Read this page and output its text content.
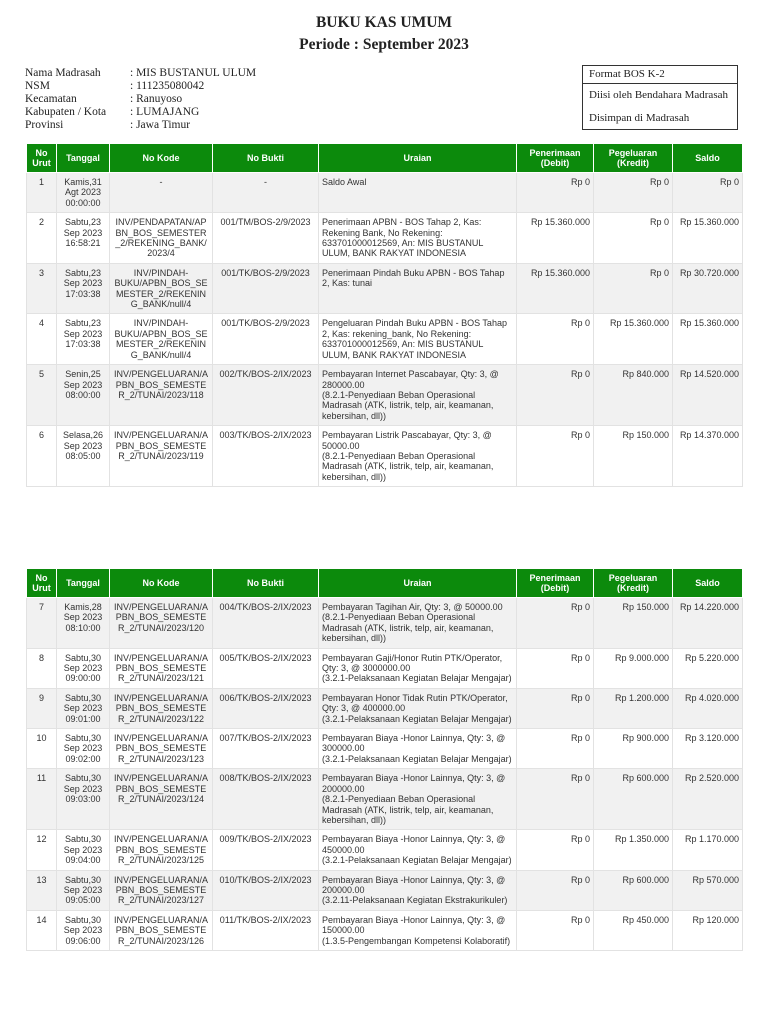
BUKU KAS UMUM
Periode : September 2023
Nama Madrasah	: MIS BUSTANUL ULUM
NSM	: 111235080042
Kecamatan	: Ranuyoso
Kabupaten / Kota	: LUMAJANG
Provinsi	: Jawa Timur
Format BOS K-2
Diisi oleh Bendahara Madrasah
Disimpan di Madrasah
No Urut	Tanggal	No Kode	No Bukti	Uraian	Penerimaan (Debit)	Pegeluaran (Kredit)	Saldo
1	Kamis,31 Agt 2023 00:00:00	-	-	Saldo Awal	Rp 0	Rp 0	Rp 0
2	Sabtu,23 Sep 2023 16:58:21	INV/PENDAPATAN/APBN_BOS_SEMESTER_2/REKENING_BANK/2023/4	001/TM/BOS-2/9/2023	Penerimaan APBN - BOS Tahap 2, Kas: Rekening Bank, No Rekening: 633701000012569, An: MIS BUSTANUL ULUM, BANK RAKYAT INDONESIA	Rp 15.360.000	Rp 0	Rp 15.360.000
3	Sabtu,23 Sep 2023 17:03:38	INV/PINDAH-BUKU/APBN_BOS_SEMESTER_2/REKENING_BANK/null/4	001/TK/BOS-2/9/2023	Penerimaan Pindah Buku APBN - BOS Tahap 2, Kas: tunai	Rp 15.360.000	Rp 0	Rp 30.720.000
4	Sabtu,23 Sep 2023 17:03:38	INV/PINDAH-BUKU/APBN_BOS_SEMESTER_2/REKENING_BANK/null/4	001/TK/BOS-2/9/2023	Pengeluaran Pindah Buku APBN - BOS Tahap 2, Kas: rekening_bank, No Rekening: 633701000012569, An: MIS BUSTANUL ULUM, BANK RAKYAT INDONESIA	Rp 0	Rp 15.360.000	Rp 15.360.000
5	Senin,25 Sep 2023 08:00:00	INV/PENGELUARAN/APBN_BOS_SEMESTER_2/TUNAI/2023/118	002/TK/BOS-2/IX/2023	Pembayaran Internet Pascabayar, Qty: 3, @ 280000.00
(8.2.1-Penyediaan Beban Operasional Madrasah (ATK, listrik, telp, air, keamanan, kebersihan, dll))	Rp 0	Rp 840.000	Rp 14.520.000
6	Selasa,26 Sep 2023 08:05:00	INV/PENGELUARAN/APBN_BOS_SEMESTER_2/TUNAI/2023/119	003/TK/BOS-2/IX/2023	Pembayaran Listrik Pascabayar, Qty: 3, @ 50000.00
(8.2.1-Penyediaan Beban Operasional Madrasah (ATK, listrik, telp, air, keamanan, kebersihan, dll))	Rp 0	Rp 150.000	Rp 14.370.000
No Urut	Tanggal	No Kode	No Bukti	Uraian	Penerimaan (Debit)	Pegeluaran (Kredit)	Saldo
7	Kamis,28 Sep 2023 08:10:00	INV/PENGELUARAN/APBN_BOS_SEMESTER_2/TUNAI/2023/120	004/TK/BOS-2/IX/2023	Pembayaran Tagihan Air, Qty: 3, @ 50000.00
(8.2.1-Penyediaan Beban Operasional Madrasah (ATK, listrik, telp, air, keamanan, kebersihan, dll))	Rp 0	Rp 150.000	Rp 14.220.000
8	Sabtu,30 Sep 2023 09:00:00	INV/PENGELUARAN/APBN_BOS_SEMESTER_2/TUNAI/2023/121	005/TK/BOS-2/IX/2023	Pembayaran Gaji/Honor Rutin PTK/Operator, Qty: 3, @ 3000000.00
(3.2.1-Pelaksanaan Kegiatan Belajar Mengajar)	Rp 0	Rp 9.000.000	Rp 5.220.000
9	Sabtu,30 Sep 2023 09:01:00	INV/PENGELUARAN/APBN_BOS_SEMESTER_2/TUNAI/2023/122	006/TK/BOS-2/IX/2023	Pembayaran Honor Tidak Rutin PTK/Operator, Qty: 3, @ 400000.00
(3.2.1-Pelaksanaan Kegiatan Belajar Mengajar)	Rp 0	Rp 1.200.000	Rp 4.020.000
10	Sabtu,30 Sep 2023 09:02:00	INV/PENGELUARAN/APBN_BOS_SEMESTER_2/TUNAI/2023/123	007/TK/BOS-2/IX/2023	Pembayaran Biaya -Honor Lainnya, Qty: 3, @ 300000.00
(3.2.1-Pelaksanaan Kegiatan Belajar Mengajar)	Rp 0	Rp 900.000	Rp 3.120.000
11	Sabtu,30 Sep 2023 09:03:00	INV/PENGELUARAN/APBN_BOS_SEMESTER_2/TUNAI/2023/124	008/TK/BOS-2/IX/2023	Pembayaran Biaya -Honor Lainnya, Qty: 3, @ 200000.00
(8.2.1-Penyediaan Beban Operasional Madrasah (ATK, listrik, telp, air, keamanan, kebersihan, dll))	Rp 0	Rp 600.000	Rp 2.520.000
12	Sabtu,30 Sep 2023 09:04:00	INV/PENGELUARAN/APBN_BOS_SEMESTER_2/TUNAI/2023/125	009/TK/BOS-2/IX/2023	Pembayaran Biaya -Honor Lainnya, Qty: 3, @ 450000.00
(3.2.1-Pelaksanaan Kegiatan Belajar Mengajar)	Rp 0	Rp 1.350.000	Rp 1.170.000
13	Sabtu,30 Sep 2023 09:05:00	INV/PENGELUARAN/APBN_BOS_SEMESTER_2/TUNAI/2023/127	010/TK/BOS-2/IX/2023	Pembayaran Biaya -Honor Lainnya, Qty: 3, @ 200000.00
(3.2.11-Pelaksanaan Kegiatan Ekstrakurikuler)	Rp 0	Rp 600.000	Rp 570.000
14	Sabtu,30 Sep 2023 09:06:00	INV/PENGELUARAN/APBN_BOS_SEMESTER_2/TUNAI/2023/126	011/TK/BOS-2/IX/2023	Pembayaran Biaya -Honor Lainnya, Qty: 3, @ 150000.00
(1.3.5-Pengembangan Kompetensi Kolaboratif)	Rp 0	Rp 450.000	Rp 120.000
